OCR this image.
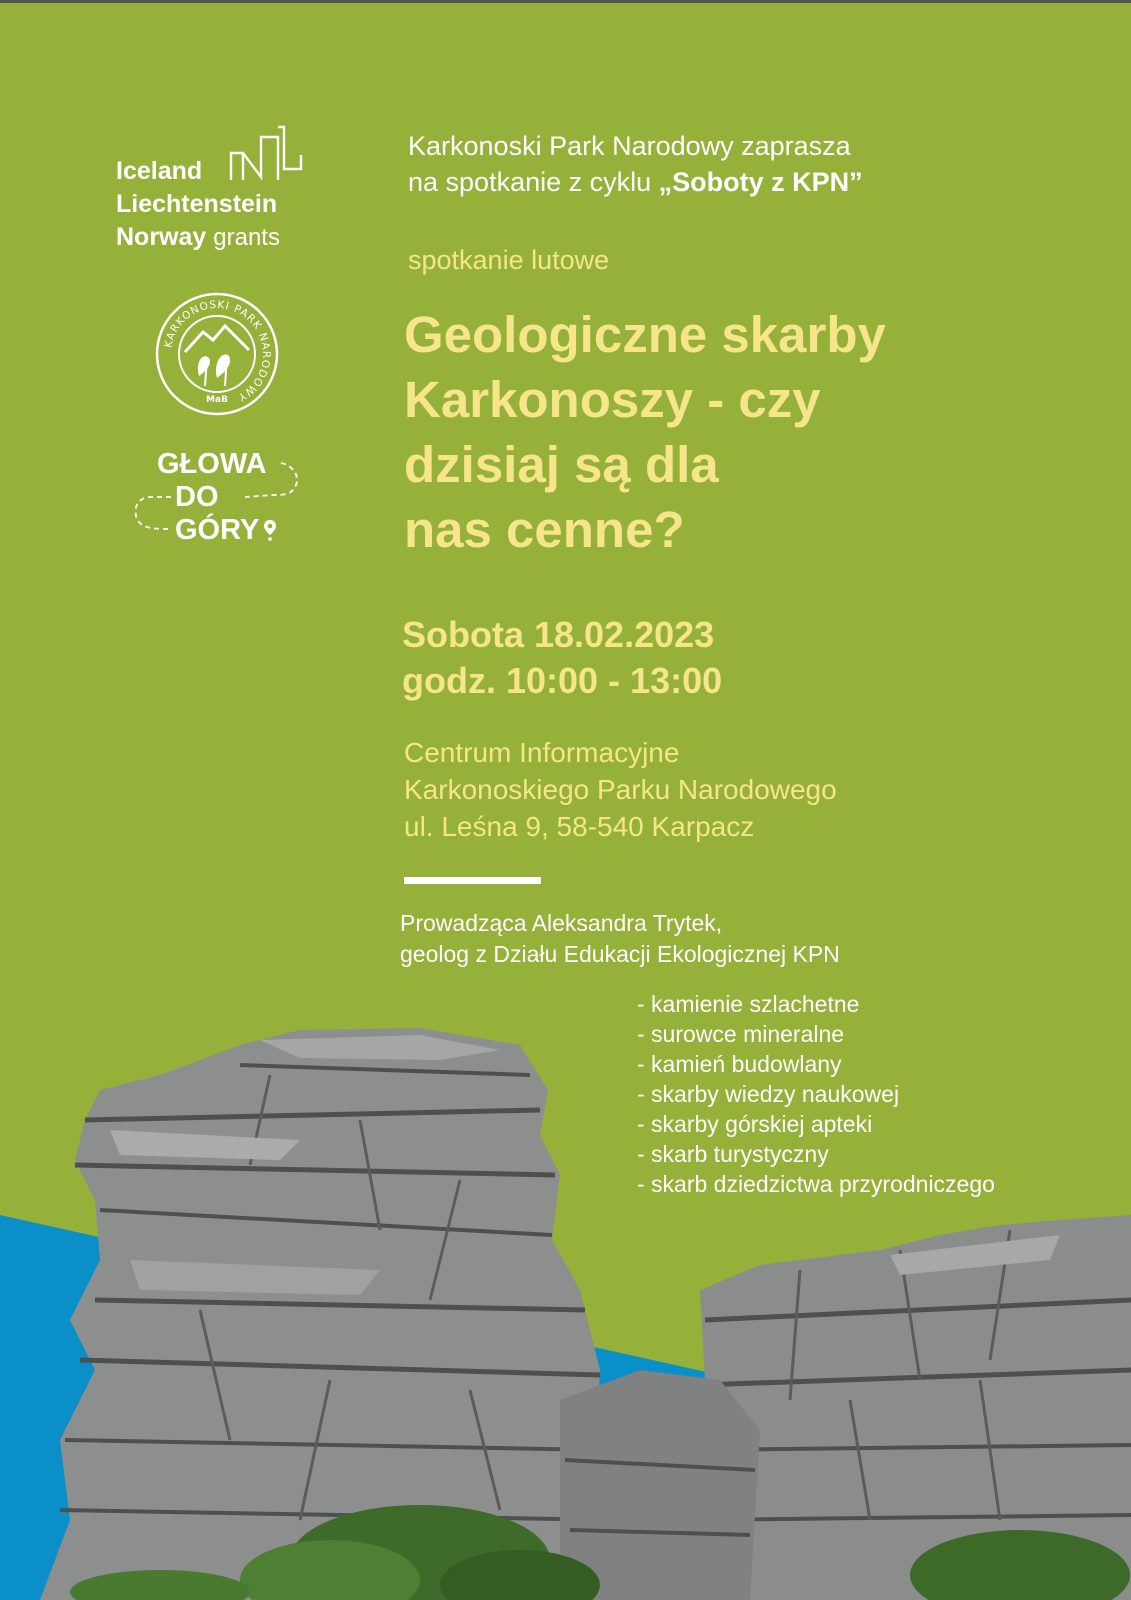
Iceland
Liechtenstein
Norway grants
KARKONOSKI PARK NARODOWY
MaB
GŁOWA
DO
GÓRY
Karkonoski Park Narodowy zaprasza
na spotkanie z cyklu „Soboty z KPN”
spotkanie lutowe
Geologiczne skarby
Karkonoszy - czy
dzisiaj są dla
nas cenne?
Sobota 18.02.2023
godz. 10:00 - 13:00
Centrum Informacyjne
Karkonoskiego Parku Narodowego
ul. Leśna 9, 58-540 Karpacz
Prowadząca Aleksandra Trytek,
geolog z Działu Edukacji Ekologicznej KPN
- kamienie szlachetne
- surowce mineralne
- kamień budowlany
- skarby wiedzy naukowej
- skarby górskiej apteki
- skarb turystyczny
- skarb dziedzictwa przyrodniczego
